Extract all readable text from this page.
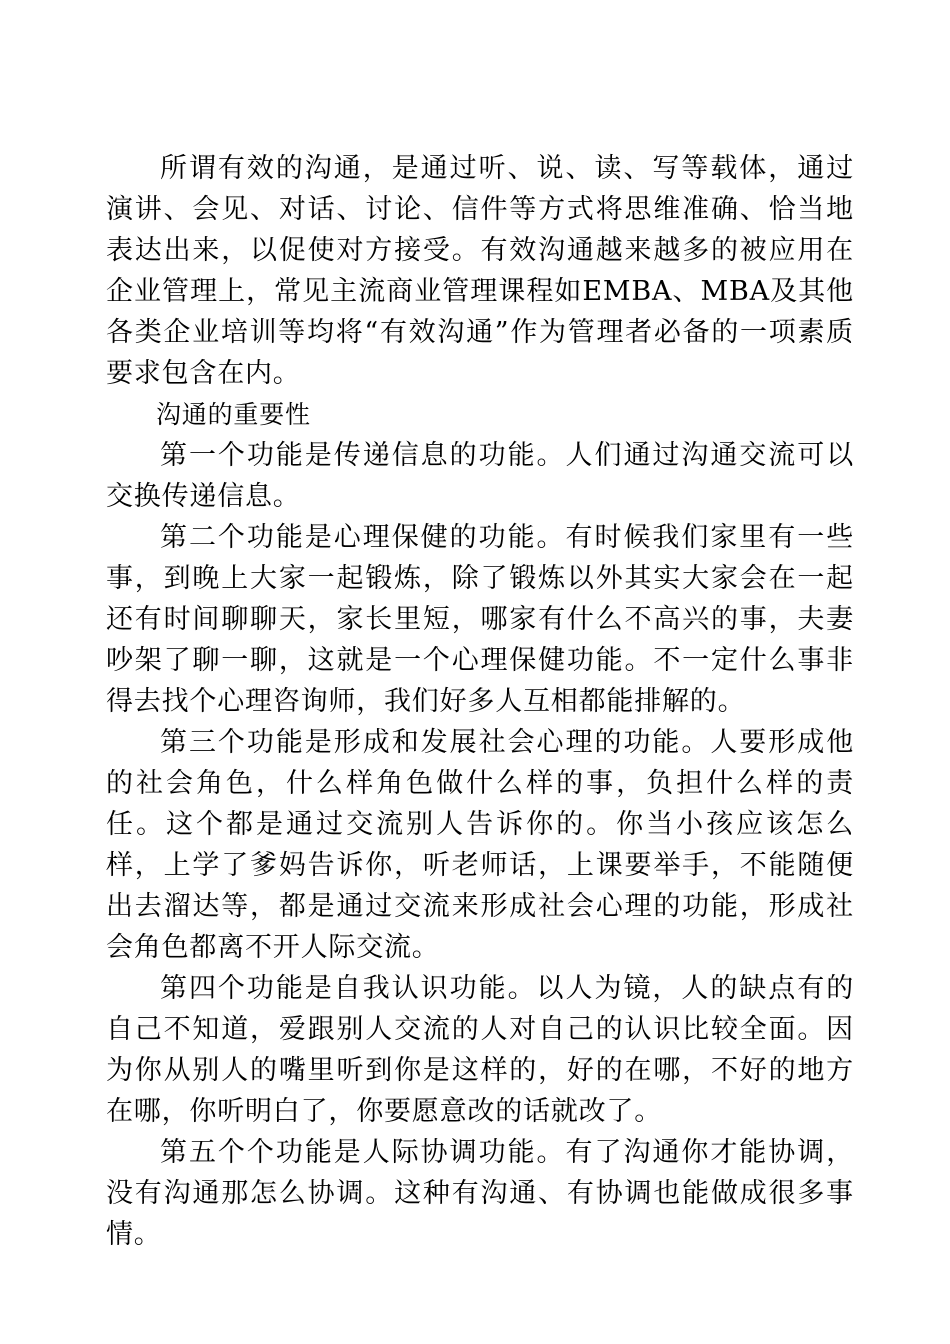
所谓有效的沟通，是通过听、说、读、写等载体，通过演讲、会见、对话、讨论、信件等方式将思维准确、恰当地表达出来，以促使对方接受。有效沟通越来越多的被应用在企业管理上，常见主流商业管理课程如EMBA、MBA及其他各类企业培训等均将“有效沟通”作为管理者必备的一项素质要求包含在内。

沟通的重要性

第一个功能是传递信息的功能。人们通过沟通交流可以交换传递信息。

第二个功能是心理保健的功能。有时候我们家里有一些事，到晚上大家一起锻炼，除了锻炼以外其实大家会在一起还有时间聊聊天，家长里短，哪家有什么不高兴的事，夫妻吵架了聊一聊，这就是一个心理保健功能。不一定什么事非得去找个心理咨询师，我们好多人互相都能排解的。

第三个功能是形成和发展社会心理的功能。人要形成他的社会角色，什么样角色做什么样的事，负担什么样的责任。这个都是通过交流别人告诉你的。你当小孩应该怎么样，上学了爹妈告诉你，听老师话，上课要举手，不能随便出去溜达等，都是通过交流来形成社会心理的功能，形成社会角色都离不开人际交流。

第四个功能是自我认识功能。以人为镜，人的缺点有的自己不知道，爱跟别人交流的人对自己的认识比较全面。因为你从别人的嘴里听到你是这样的，好的在哪，不好的地方在哪，你听明白了，你要愿意改的话就改了。

第五个个功能是人际协调功能。有了沟通你才能协调，没有沟通那怎么协调。这种有沟通、有协调也能做成很多事情。
